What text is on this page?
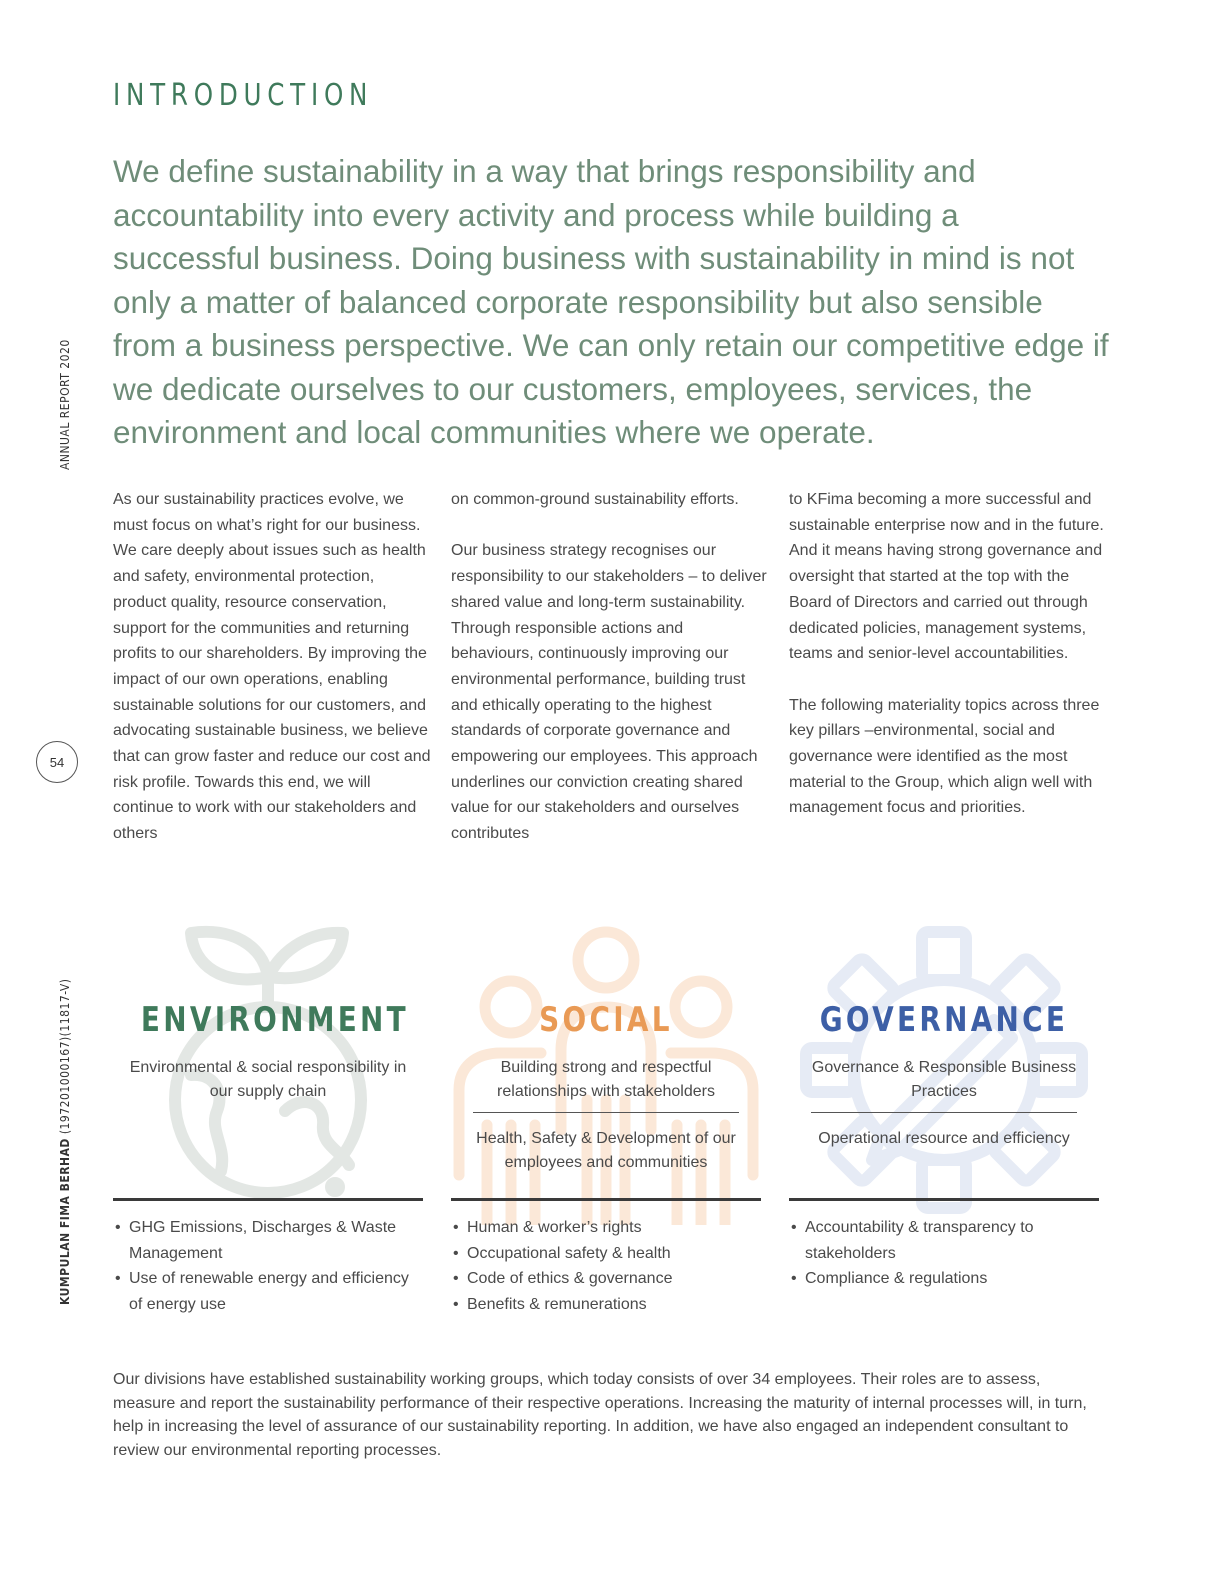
ANNUAL REPORT 2020
KUMPULAN FIMA BERHAD (197201000167)(11817-V)
54
INTRODUCTION

We define sustainability in a way that brings responsibility and accountability into every activity and process while building a successful business. Doing business with sustainability in mind is not only a matter of balanced corporate responsibility but also sensible from a business perspective. We can only retain our competitive edge if we dedicate ourselves to our customers, employees, services, the environment and local communities where we operate.

As our sustainability practices evolve, we must focus on what’s right for our business. We care deeply about issues such as health and safety, environmental protection, product quality, resource conservation, support for the communities and returning profits to our shareholders. By improving the impact of our own operations, enabling sustainable solutions for our customers, and advocating sustainable business, we believe that can grow faster and reduce our cost and risk profile. Towards this end, we will continue to work with our stakeholders and others

on common-ground sustainability efforts.

Our business strategy recognises our responsibility to our stakeholders – to deliver shared value and long-term sustainability. Through responsible actions and behaviours, continuously improving our environmental performance, building trust and ethically operating to the highest standards of corporate governance and empowering our employees. This approach underlines our conviction creating shared value for our stakeholders and ourselves contributes

to KFima becoming a more successful and sustainable enterprise now and in the future. And it means having strong governance and oversight that started at the top with the Board of Directors and carried out through dedicated policies, management systems, teams and senior-level accountabilities.

The following materiality topics across three key pillars –environmental, social and governance were identified as the most material to the Group, which align well with management focus and priorities.

ENVIRONMENT
Environmental & social responsibility in our supply chain
• GHG Emissions, Discharges & Waste Management
• Use of renewable energy and efficiency of energy use
SOCIAL
Building strong and respectful relationships with stakeholders
Health, Safety & Development of our employees and communities
• Human & worker’s rights
• Occupational safety & health
• Code of ethics & governance
• Benefits & remunerations
GOVERNANCE
Governance & Responsible Business Practices
Operational resource and efficiency
• Accountability & transparency to stakeholders
• Compliance & regulations

Our divisions have established sustainability working groups, which today consists of over 34 employees. Their roles are to assess, measure and report the sustainability performance of their respective operations. Increasing the maturity of internal processes will, in turn, help in increasing the level of assurance of our sustainability reporting. In addition, we have also engaged an independent consultant to review our environmental reporting processes.
